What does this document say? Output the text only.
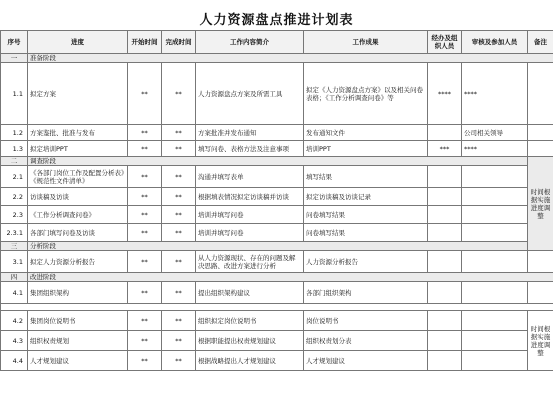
人力资源盘点推进计划表
序号	进度	开始时间	完成时间	工作内容简介	工作成果	经办及组织人员	审核及参加人员	备注
一	准备阶段							
1.1	拟定方案	**	**	人力资源盘点方案及所需工具	拟定《人力资源盘点方案》以及相关问卷表格；《工作分析调查问卷》等	****	****	
1.2	方案鉴批、批准与发布	**	**	方案批准并发布通知	发布通知文件		公司相关领导	
1.3	拟定培训PPT	**	**	填写问卷、表格方法及注意事项	培训PPT	***	****	
二	调查阶段							时间根据实施进度调整
2.1	《各部门岗位工作及配置分析表》《规范性文件清单》	**	**	沟通并填写表单	填写结果			
2.2	访谈稿及访谈	**	**	根据填表情况拟定访谈稿并访谈	拟定访谈稿及访谈记录			
2.3	《工作分析调查问卷》	**	**	培训并填写问卷	问卷填写结果			
2.3.1	各部门填写问卷及访谈	**	**	培训并填写问卷	问卷填写结果			
三	分析阶段							
3.1	拟定人力资源分析报告	**	**	从人力资源现状、存在的问题及解决思路、改进方案进行分析	人力资源分析报告			
四	改进阶段							
4.1	集团组织架构	**	**	提出组织架构建议	各部门组织架构			

4.2	集团岗位说明书	**	**	组织拟定岗位说明书	岗位说明书			时间根据实施进度调整
4.3	组织权责规划	**	**	根据职能提出权责规划建议	组织权责划分表			
4.4	人才规划建议	**	**	根据战略提出人才规划建议	人才规划建议			
